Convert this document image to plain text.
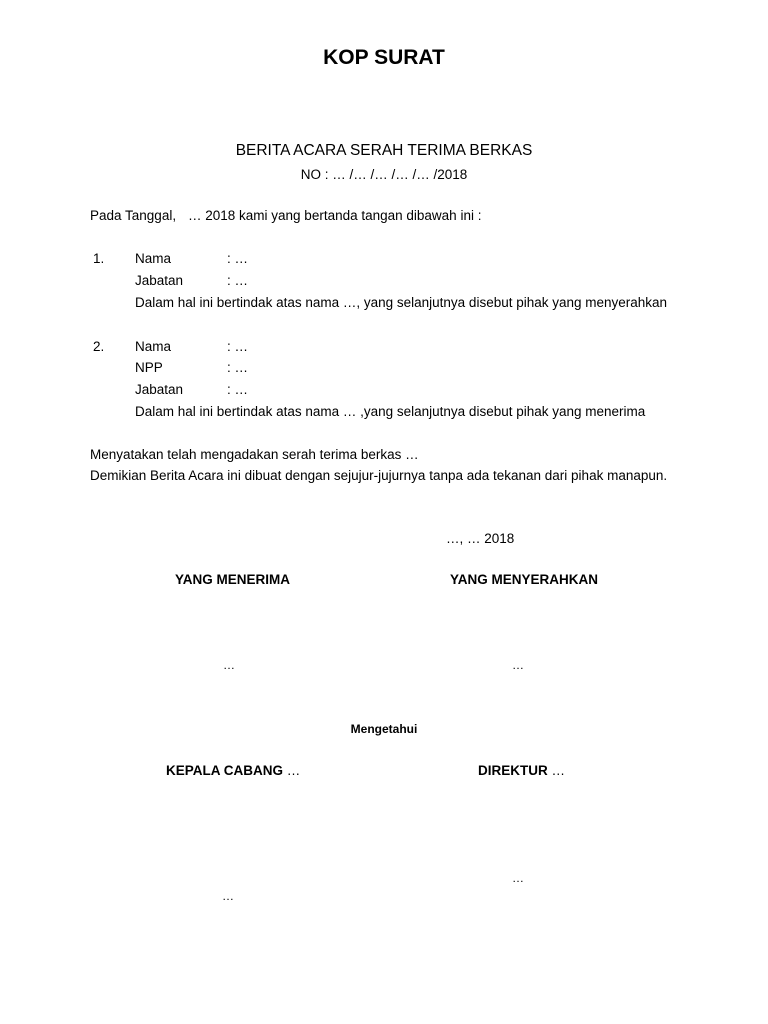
KOP SURAT
BERITA ACARA SERAH TERIMA BERKAS
NO : … /… /… /… /… /2018
Pada Tanggal, … 2018 kami yang bertanda tangan dibawah ini :
1. Nama	: …
Jabatan	: …
Dalam hal ini bertindak atas nama …, yang selanjutnya disebut pihak yang menyerahkan
2. Nama	: …
NPP	: …
Jabatan	: …
Dalam hal ini bertindak atas nama … ,yang selanjutnya disebut pihak yang menerima
Menyatakan telah mengadakan serah terima berkas …
Demikian Berita Acara ini dibuat dengan sejujur-jujurnya tanpa ada tekanan dari pihak manapun.
…, … 2018
YANG MENERIMA	YANG MENYERAHKAN
…	…
Mengetahui
KEPALA CABANG …	DIREKTUR …
…
…
